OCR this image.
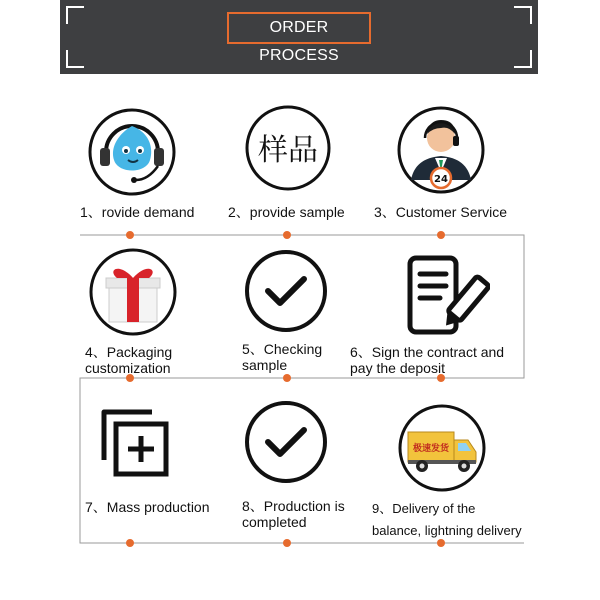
ORDER PROCESS
1、rovide demand
样品
2、provide sample
24
3、Customer Service
4、Packaging
customization
5、Checking
sample
6、Sign the contract and
pay the deposit
7、Mass production 8、Production is
completed
极速发货
9、Delivery of the
balance, lightning delivery
